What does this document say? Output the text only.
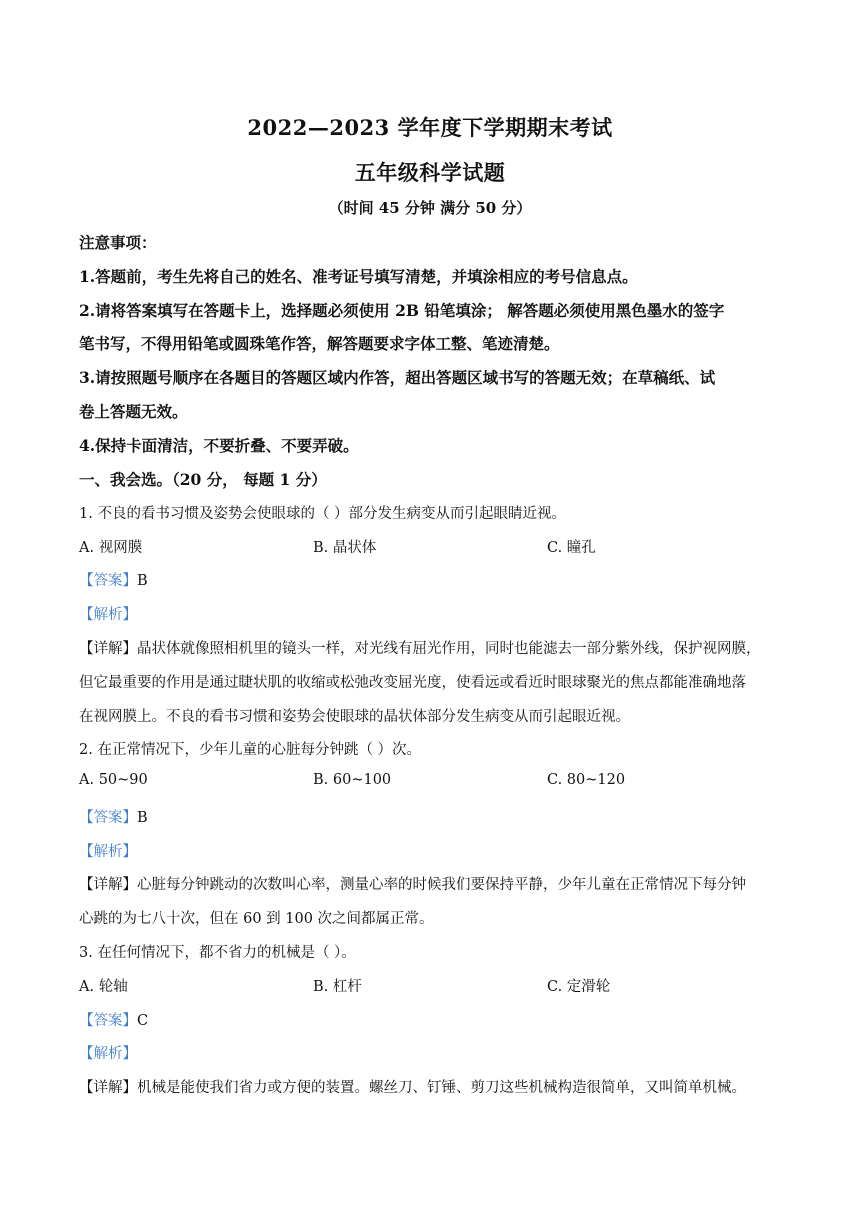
2022—2023 学年度下学期期末考试
五年级科学试题
（时间 45 分钟 满分 50 分）
注意事项：
1.答题前，考生先将自己的姓名、准考证号填写清楚，并填涂相应的考号信息点。
2.请将答案填写在答题卡上，选择题必须使用 2B 铅笔填涂； 解答题必须使用黑色墨水的签字
笔书写，不得用铅笔或圆珠笔作答，解答题要求字体工整、笔迹清楚。
3.请按照题号顺序在各题目的答题区域内作答，超出答题区域书写的答题无效；在草稿纸、试
卷上答题无效。
4.保持卡面清洁，不要折叠、不要弄破。
一、我会选。（20 分， 每题 1 分）
1. 不良的看书习惯及姿势会使眼球的（ ）部分发生病变从而引起眼睛近视。
A. 视网膜	B. 晶状体	C. 瞳孔
【答案】B
【解析】
【详解】晶状体就像照相机里的镜头一样，对光线有屈光作用，同时也能滤去一部分紫外线，保护视网膜，
但它最重要的作用是通过睫状肌的收缩或松弛改变屈光度，使看远或看近时眼球聚光的焦点都能准确地落
在视网膜上。不良的看书习惯和姿势会使眼球的晶状体部分发生病变从而引起眼近视。
2. 在正常情况下，少年儿童的心脏每分钟跳（ ）次。
A. 50~90	B. 60~100	C. 80~120
【答案】B
【解析】
【详解】心脏每分钟跳动的次数叫心率，测量心率的时候我们要保持平静，少年儿童在正常情况下每分钟
心跳的为七八十次，但在 60 到 100 次之间都属正常。
3. 在任何情况下，都不省力的机械是（ ）。
A. 轮轴	B. 杠杆	C. 定滑轮
【答案】C
【解析】
【详解】机械是能使我们省力或方便的装置。螺丝刀、钉锤、剪刀这些机械构造很简单，又叫简单机械。
